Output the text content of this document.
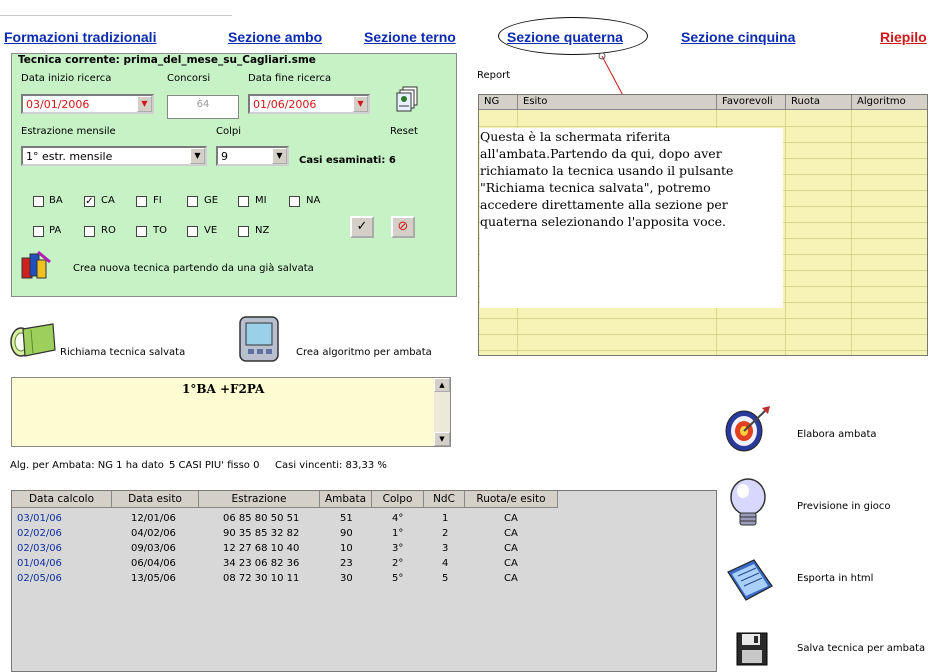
Formazioni tradizionali	Sezione ambo	Sezione terno	Sezione quaterna	Sezione cinquina	Riepilo
Tecnica corrente: prima_del_mese_su_Cagliari.sme
Data inizio ricerca
03/01/2006	▼
Concorsi
64
Data fine ricerca
01/06/2006	▼
Reset
Estrazione mensile
1° estr. mensile	▼
Colpi
9	▼	Casi esaminati: 6
BA ✓ CA	FI	GE	MI	NA
PA	RO	TO	VE	NZ	✓	⊘
Crea nuova tecnica partendo da una già salvata
Report
NG	Esito	Favorevoli	Ruota	Algoritmo

Questa è la schermata riferita

all'ambata.Partendo da qui, dopo aver

richiamato la tecnica usando il pulsante

"Richiama tecnica salvata", potremo

accedere direttamente alla sezione per

quaterna selezionando l'apposita voce.

Richiama tecnica salvata	Crea algoritmo per ambata
1°BA +F2PA	▲
▼
Alg. per Ambata: NG 1 ha dato 5 CASI PIU' fisso 0 Casi vincenti: 83,33 %
Data calcolo	Data esito	Estrazione	Ambata	Colpo	NdC	Ruota/e esito
03/01/06	12/01/06	06 85 80 50 51	51	4°	1	CA
02/02/06	04/02/06	90 35 85 32 82	90	1°	2	CA
02/03/06	09/03/06	12 27 68 10 40	10	3°	3	CA
01/04/06	06/04/06	34 23 06 82 36	23	2°	4	CA
02/05/06	13/05/06	08 72 30 10 11	30	5°	5	CA
Elabora ambata
Previsione in gioco
Esporta in html
Salva tecnica per ambata
